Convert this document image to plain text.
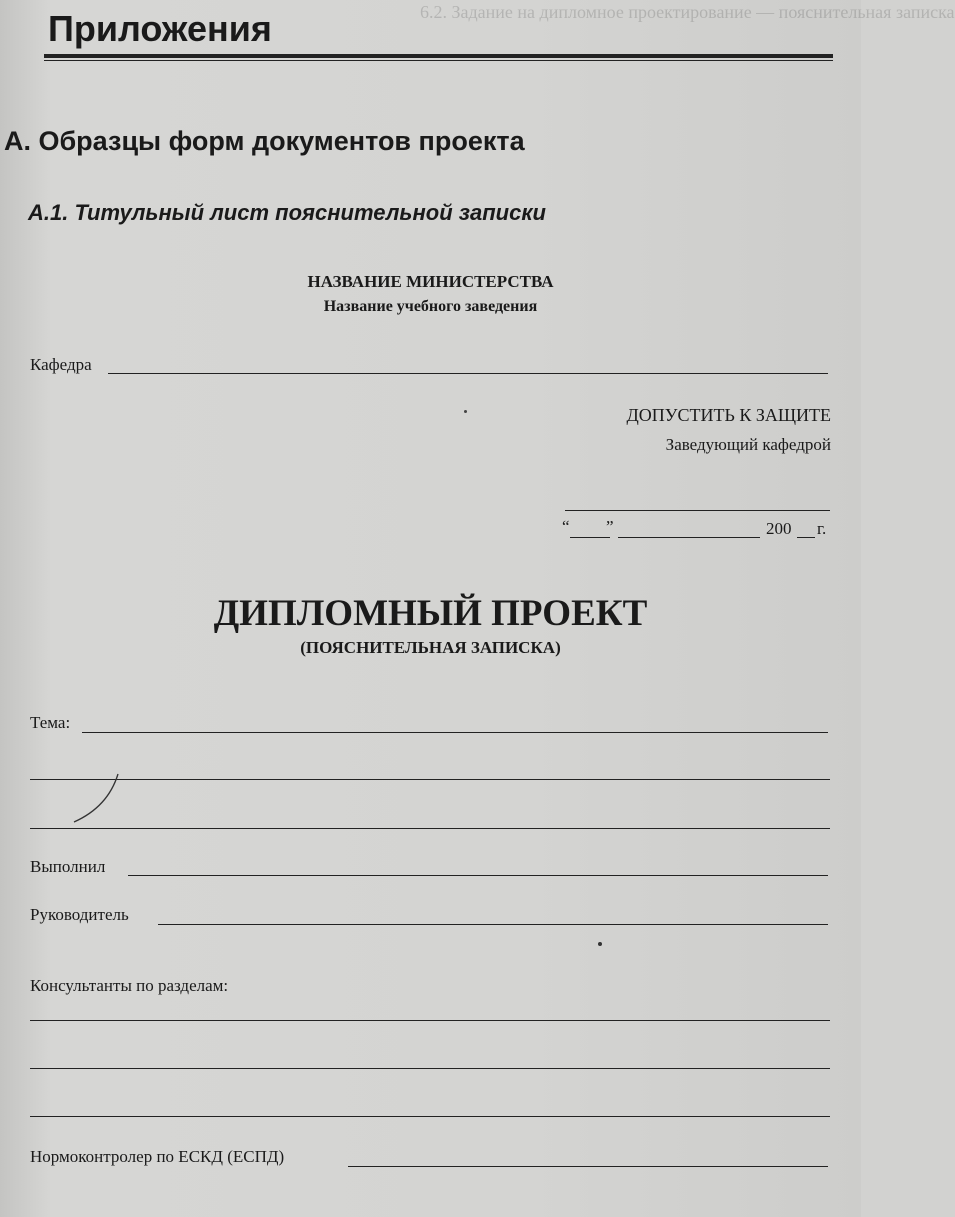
6.2. Задание на дипломное проектирование — пояснительная записка
Приложения
А. Образцы форм документов проекта
А.1. Титульный лист пояснительной записки
НАЗВАНИЕ МИНИСТЕРСТВА
Название учебного заведения
Кафедра
ДОПУСТИТЬ К ЗАЩИТЕ
Заведующий кафедрой
“ ”	200 г.
ДИПЛОМНЫЙ ПРОЕКТ
(ПОЯСНИТЕЛЬНАЯ ЗАПИСКА)
Тема:
Выполнил
Руководитель
Консультанты по разделам:
Нормоконтролер по ЕСКД (ЕСПД)
